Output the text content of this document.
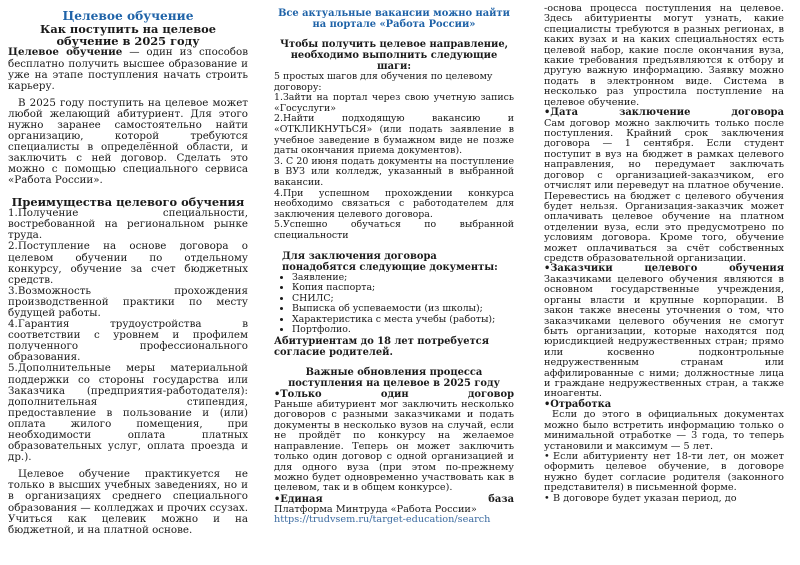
Целевое обучение

Как поступить на целевое обучение в 2025 году

Целевое обучение — один из способов бесплатно получить высшее образование и уже на этапе поступления начать строить карьеру.

В 2025 году поступить на целевое может любой желающий абитуриент. Для этого нужно заранее самостоятельно найти организацию, которой требуются специалисты в определённой области, и заключить с ней договор. Сделать это можно с помощью специального сервиса «Работа России».

Преимущества целевого обучения

1.Получение специальности, востребованной на региональном рынке труда.

2.Поступление на основе договора о целевом обучении по отдельному конкурсу, обучение за счет бюджетных средств.

3.Возможность прохождения производственной практики по месту будущей работы.

4.Гарантия трудоустройства в соответствии с уровнем и профилем полученного профессионального образования.

5.Дополнительные меры материальной поддержки со стороны государства или Заказчика (предприятия-работодателя): дополнительная стипендия, предоставление в пользование и (или) оплата жилого помещения, при необходимости оплата платных образовательных услуг, оплата проезда и др.).

Целевое обучение практикуется не только в высших учебных заведениях, но и в организациях среднего специального образования — колледжах и прочих ссузах. Учиться как целевик можно и на бюджетной, и на платной основе.

Все актуальные вакансии можно найти на портале «Работа России»

Чтобы получить целевое направление, необходимо выполнить следующие шаги:

5 простых шагов для обучения по целевому договору:

1.Зайти на портал через свою учетную запись «Госуслуги»

2.Найти подходящую вакансию и «ОТКЛИКНУТЬСЯ» (или подать заявление в учебное заведение в бумажном виде не позже даты окончания приема документов).

3. С 20 июня подать документы на поступление в ВУЗ или колледж, указанный в выбранной вакансии.

4.При успешном прохождении конкурса необходимо связаться с работодателем для заключения целевого договора.

5.Успешно обучаться по выбранной специальности

Для заключения договора понадобятся следующие документы:

• Заявление;
• Копия паспорта;
• СНИЛС;
• Выписка об успеваемости (из школы);
• Характеристика с места учебы (работы);
• Портфолио.

Абитуриентам до 18 лет потребуется согласие родителей.

Важные обновления процесса поступления на целевое в 2025 году

•Только один договор

Раньше абитуриент мог заключить несколько договоров с разными заказчиками и подать документы в несколько вузов на случай, если не пройдёт по конкурсу на желаемое направление. Теперь он может заключить только один договор с одной организацией и для одного вуза (при этом по-прежнему можно будет одновременно участвовать как в целевом, так и в общем конкурсе).

•Единая база

Платформа Минтруда «Работа России»

https://trudvsem.ru/target-education/search

-основа процесса поступления на целевое. Здесь абитуриенты могут узнать, какие специалисты требуются в разных регионах, в каких вузах и на каких специальностях есть целевой набор, какие после окончания вуза, какие требования предъявляются к отбору и другую важную информацию. Заявку можно подать в электронном виде. Система в несколько раз упростила поступление на целевое обучение.

•Дата заключение договора

Сам договор можно заключить только после поступления. Крайний срок заключения договора — 1 сентября. Если студент поступит в вуз на бюджет в рамках целевого направления, но передумает заключать договор с организацией-заказчиком, его отчислят или переведут на платное обучение. Перевестись на бюджет с целевого обучения будет нельзя. Организация-заказчик может оплачивать целевое обучение на платном отделении вуза, если это предусмотрено по условиям договора. Кроме того, обучение может оплачиваться за счёт собственных средств образовательной организации.

•Заказчики целевого обучения

Заказчиками целевого обучения являются в основном государственные учреждения, органы власти и крупные корпорации. В закон также внесены уточнения о том, что заказчиками целевого обучения не смогут быть организации, которые находятся под юрисдикцией недружественных стран; прямо или косвенно подконтрольные недружественным странам или аффилированные с ними; должностные лица и граждане недружественных стран, а также иноагенты.

•Отработка

Если до этого в официальных документах можно было встретить информацию только о минимальной отработке — 3 года, то теперь установили и максимум — 5 лет.

• Если абитуриенту нет 18-ти лет, он может оформить целевое обучение, в договоре нужно будет согласие родителя (законного представителя) в письменной форме.

• В договоре будет указан период, до
